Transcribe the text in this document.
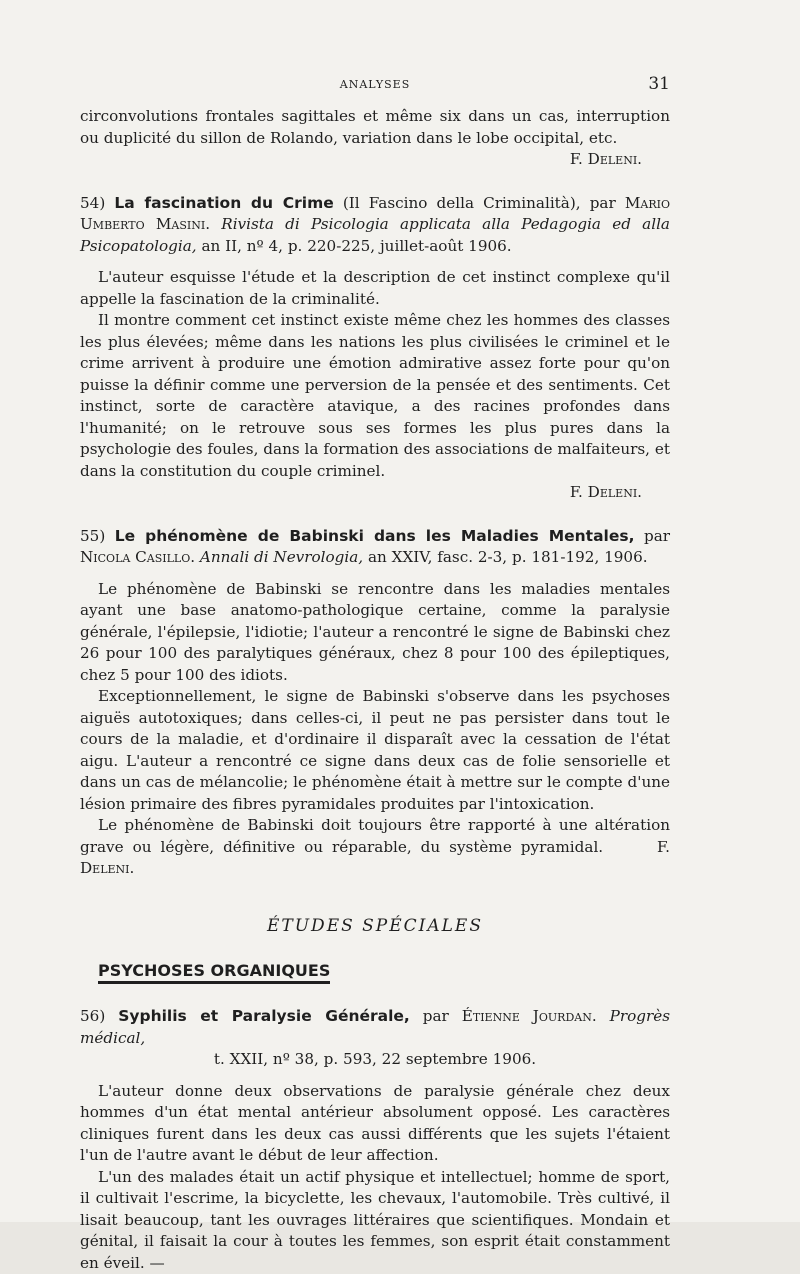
ANALYSES	31

circonvolutions frontales sagittales et même six dans un cas, interruption ou duplicité du sillon de Rolando, variation dans le lobe occipital, etc.

F. Deleni.

54) La fascination du Crime (Il Fascino della Criminalità), par Mario Umberto Masini. Rivista di Psicologia applicata alla Pedagogia ed alla Psicopatologia, an II, nº 4, p. 220-225, juillet-août 1906.

L'auteur esquisse l'étude et la description de cet instinct complexe qu'il appelle la fascination de la criminalité.

Il montre comment cet instinct existe même chez les hommes des classes les plus élevées; même dans les nations les plus civilisées le criminel et le crime arrivent à produire une émotion admirative assez forte pour qu'on puisse la définir comme une perversion de la pensée et des sentiments. Cet instinct, sorte de caractère atavique, a des racines profondes dans l'humanité; on le retrouve sous ses formes les plus pures dans la psychologie des foules, dans la formation des associations de malfaiteurs, et dans la constitution du couple criminel.

F. Deleni.

55) Le phénomène de Babinski dans les Maladies Mentales, par Nicola Casillo. Annali di Nevrologia, an XXIV, fasc. 2-3, p. 181-192, 1906.

Le phénomène de Babinski se rencontre dans les maladies mentales ayant une base anatomo-pathologique certaine, comme la paralysie générale, l'épilepsie, l'idiotie; l'auteur a rencontré le signe de Babinski chez 26 pour 100 des paralytiques généraux, chez 8 pour 100 des épileptiques, chez 5 pour 100 des idiots.

Exceptionnellement, le signe de Babinski s'observe dans les psychoses aiguës autotoxiques; dans celles-ci, il peut ne pas persister dans tout le cours de la maladie, et d'ordinaire il disparaît avec la cessation de l'état aigu. L'auteur a rencontré ce signe dans deux cas de folie sensorielle et dans un cas de mélancolie; le phénomène était à mettre sur le compte d'une lésion primaire des fibres pyramidales produites par l'intoxication.

Le phénomène de Babinski doit toujours être rapporté à une altération grave ou légère, définitive ou réparable, du système pyramidal.	F. Deleni.

ÉTUDES SPÉCIALES
PSYCHOSES ORGANIQUES
56) Syphilis et Paralysie Générale, par Étienne Jourdan. Progrès médical,
t. XXII, nº 38, p. 593, 22 septembre 1906.

L'auteur donne deux observations de paralysie générale chez deux hommes d'un état mental antérieur absolument opposé. Les caractères cliniques furent dans les deux cas aussi différents que les sujets l'étaient l'un de l'autre avant le début de leur affection.

L'un des malades était un actif physique et intellectuel; homme de sport, il cultivait l'escrime, la bicyclette, les chevaux, l'automobile. Très cultivé, il lisait beaucoup, tant les ouvrages littéraires que scientifiques. Mondain et génital, il faisait la cour à toutes les femmes, son esprit était constamment en éveil. —
